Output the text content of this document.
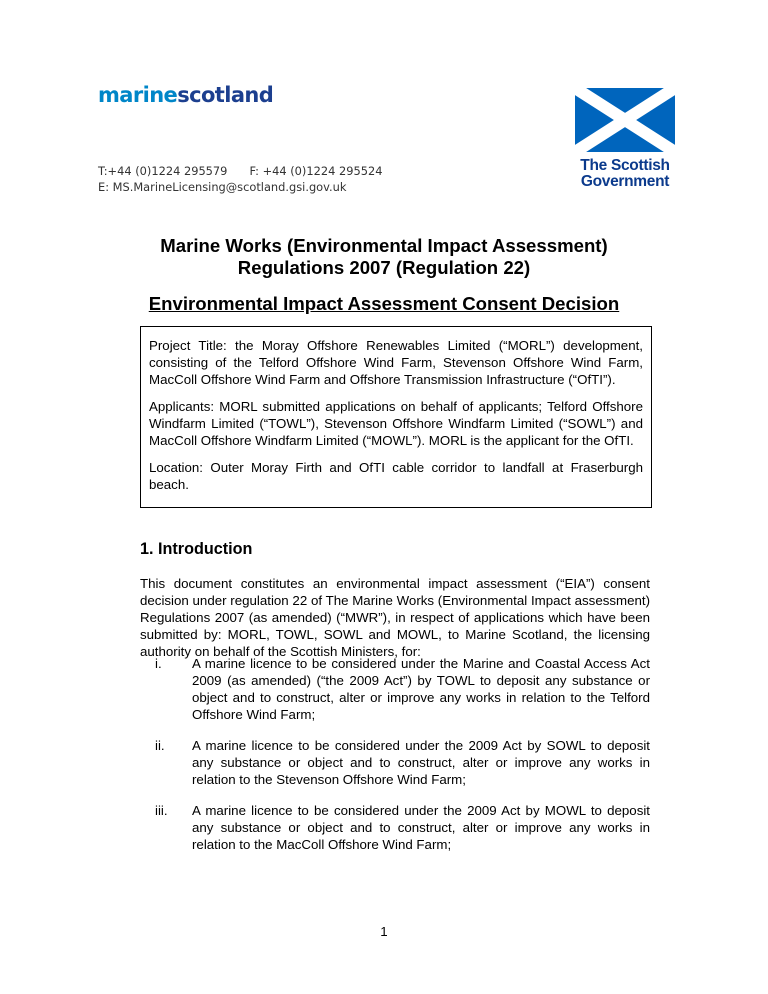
marinescotland
T:+44 (0)1224 295579 F: +44 (0)1224 295524
E: MS.MarineLicensing@scotland.gsi.gov.uk
The Scottish
Government
Marine Works (Environmental Impact Assessment)
Regulations 2007 (Regulation 22)
Environmental Impact Assessment Consent Decision

Project Title: the Moray Offshore Renewables Limited (“MORL”) development, consisting of the Telford Offshore Wind Farm, Stevenson Offshore Wind Farm, MacColl Offshore Wind Farm and Offshore Transmission Infrastructure (“OfTI”).

Applicants: MORL submitted applications on behalf of applicants; Telford Offshore Windfarm Limited (“TOWL”), Stevenson Offshore Windfarm Limited (“SOWL”) and MacColl Offshore Windfarm Limited (“MOWL”). MORL is the applicant for the OfTI.

Location: Outer Moray Firth and OfTI cable corridor to landfall at Fraserburgh beach.

1. Introduction

This document constitutes an environmental impact assessment (“EIA”) consent decision under regulation 22 of The Marine Works (Environmental Impact assessment) Regulations 2007 (as amended) (“MWR”), in respect of applications which have been submitted by: MORL, TOWL, SOWL and MOWL, to Marine Scotland, the licensing authority on behalf of the Scottish Ministers, for:

i. A marine licence to be considered under the Marine and Coastal Access Act 2009 (as amended) (“the 2009 Act”) by TOWL to deposit any substance or object and to construct, alter or improve any works in relation to the Telford Offshore Wind Farm;
ii. A marine licence to be considered under the 2009 Act by SOWL to deposit any substance or object and to construct, alter or improve any works in relation to the Stevenson Offshore Wind Farm;
iii. A marine licence to be considered under the 2009 Act by MOWL to deposit any substance or object and to construct, alter or improve any works in relation to the MacColl Offshore Wind Farm;
1
